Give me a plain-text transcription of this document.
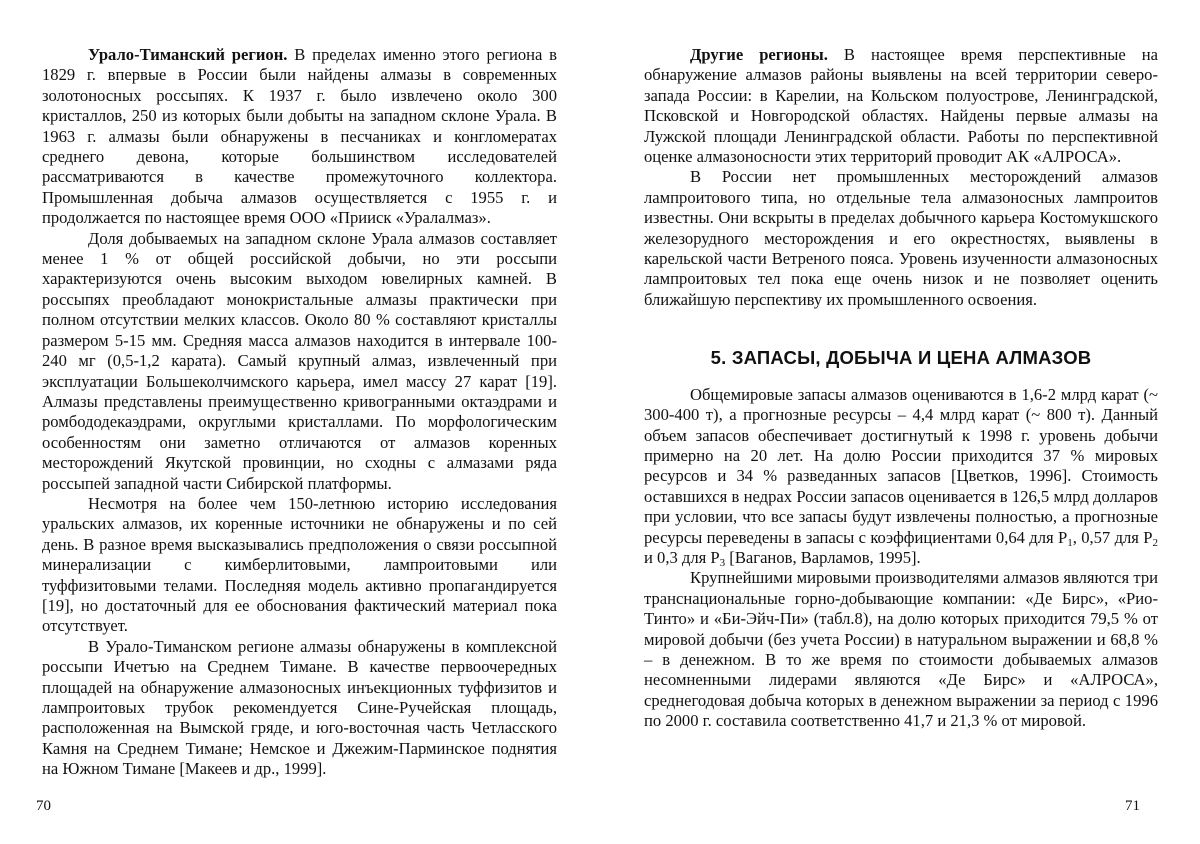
Урало-Тиманский регион. В пределах именно этого региона в 1829 г. впервые в России были найдены алмазы в современных золотоносных россыпях. К 1937 г. было извлечено около 300 кристаллов, 250 из которых были добыты на западном склоне Урала. В 1963 г. алмазы были обнаружены в песчаниках и конгломератах среднего девона, которые большинством исследователей рассматриваются в качестве промежуточного коллектора. Промышленная добыча алмазов осуществляется с 1955 г. и продолжается по настоящее время ООО «Прииск «Уралалмаз».

Доля добываемых на западном склоне Урала алмазов составляет менее 1 % от общей российской добычи, но эти россыпи характеризуются очень высоким выходом ювелирных камней. В россыпях преобладают монокристальные алмазы практически при полном отсутствии мелких классов. Около 80 % составляют кристаллы размером 5-15 мм. Средняя масса алмазов находится в интервале 100-240 мг (0,5-1,2 карата). Самый крупный алмаз, извлеченный при эксплуатации Большеколчимского карьера, имел массу 27 карат [19]. Алмазы представлены преимущественно кривогранными октаэдрами и ромбододекаэдрами, округлыми кристаллами. По морфологическим особенностям они заметно отличаются от алмазов коренных месторождений Якутской провинции, но сходны с алмазами ряда россыпей западной части Сибирской платформы.

Несмотря на более чем 150-летнюю историю исследования уральских алмазов, их коренные источники не обнаружены и по сей день. В разное время высказывались предположения о связи россыпной минерализации с кимберлитовыми, лампроитовыми или туффизитовыми телами. Последняя модель активно пропагандируется [19], но достаточный для ее обоснования фактический материал пока отсутствует.

В Урало-Тиманском регионе алмазы обнаружены в комплексной россыпи Ичетъю на Среднем Тимане. В качестве первоочередных площадей на обнаружение алмазоносных инъекционных туффизитов и лампроитовых трубок рекомендуется Сине-Ручейская площадь, расположенная на Вымской гряде, и юго-восточная часть Четласского Камня на Среднем Тимане; Немское и Джежим-Парминское поднятия на Южном Тимане [Макеев и др., 1999].

70

Другие регионы. В настоящее время перспективные на обнаружение алмазов районы выявлены на всей территории северо-запада России: в Карелии, на Кольском полуострове, Ленинградской, Псковской и Новгородской областях. Найдены первые алмазы на Лужской площади Ленинградской области. Работы по перспективной оценке алмазоносности этих территорий проводит АК «АЛРОСА».

В России нет промышленных месторождений алмазов лампроитового типа, но отдельные тела алмазоносных лампроитов известны. Они вскрыты в пределах добычного карьера Костомукшского железорудного месторождения и его окрестностях, выявлены в карельской части Ветреного пояса. Уровень изученности алмазоносных лампроитовых тел пока еще очень низок и не позволяет оценить ближайшую перспективу их промышленного освоения.

5. ЗАПАСЫ, ДОБЫЧА И ЦЕНА АЛМАЗОВ

Общемировые запасы алмазов оцениваются в 1,6-2 млрд карат (~ 300-400 т), а прогнозные ресурсы – 4,4 млрд карат (~ 800 т). Данный объем запасов обеспечивает достигнутый к 1998 г. уровень добычи примерно на 20 лет. На долю России приходится 37 % мировых ресурсов и 34 % разведанных запасов [Цветков, 1996]. Стоимость оставшихся в недрах России запасов оценивается в 126,5 млрд долларов при условии, что все запасы будут извлечены полностью, а прогнозные ресурсы переведены в запасы с коэффициентами 0,64 для P1, 0,57 для P2 и 0,3 для P3 [Ваганов, Варламов, 1995].

Крупнейшими мировыми производителями алмазов являются три транснациональные горно-добывающие компании: «Де Бирс», «Рио-Тинто» и «Би-Эйч-Пи» (табл.8), на долю которых приходится 79,5 % от мировой добычи (без учета России) в натуральном выражении и 68,8 % – в денежном. В то же время по стоимости добываемых алмазов несомненными лидерами являются «Де Бирс» и «АЛРОСА», среднегодовая добыча которых в денежном выражении за период с 1996 по 2000 г. составила соответственно 41,7 и 21,3 % от мировой.

71
